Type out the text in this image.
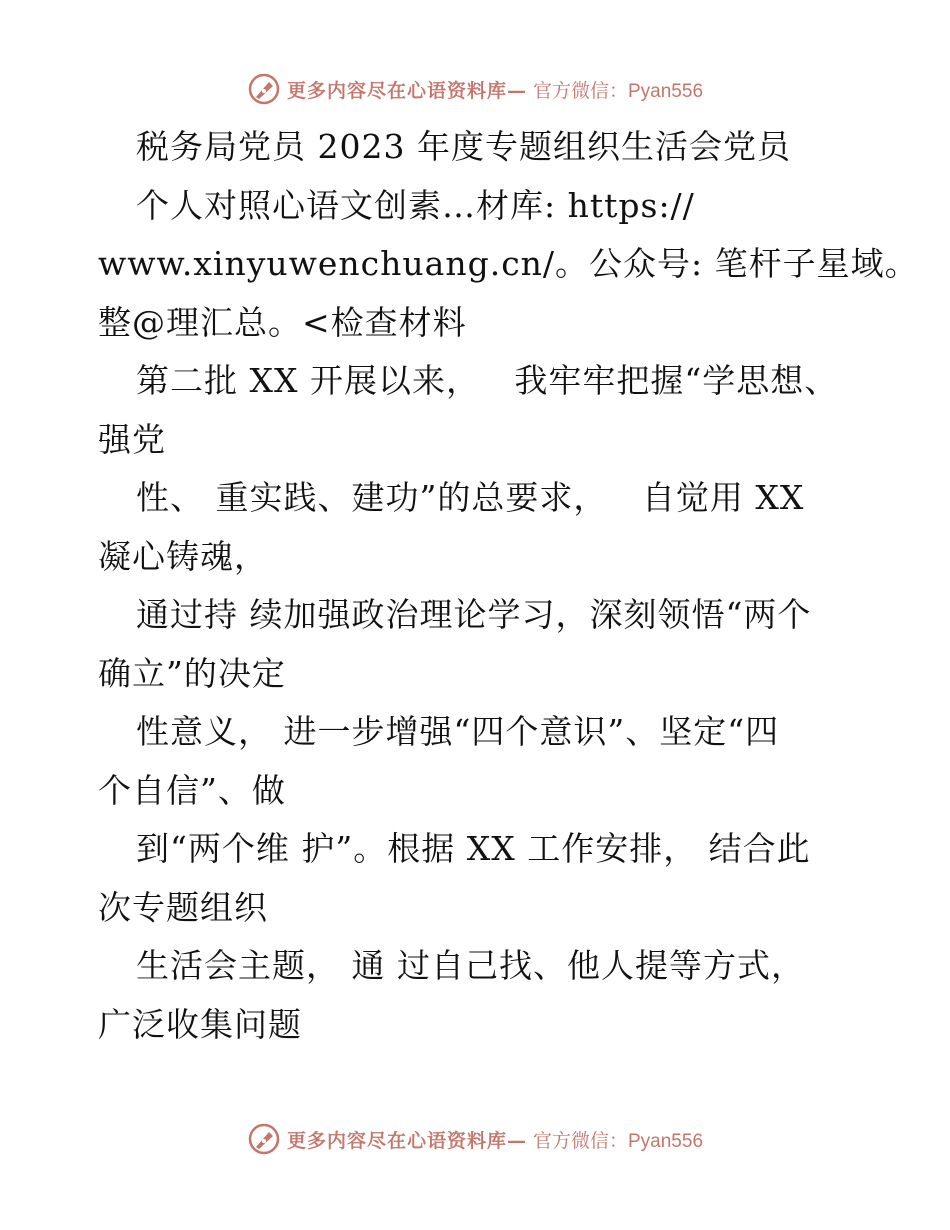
更多内容尽在心语资料库— 官方微信：Pyan556
税务局党员 2023 年度专题组织生活会党员
个人对照心语文创素…材库: https://
www.xinyuwenchuang.cn/。公众号: 笔杆子星域。
整@理汇总。<检查材料
第二批 XX 开展以来，   我牢牢把握“学思想、
强党
性、 重实践、建功”的总要求，   自觉用 XX
凝心铸魂，
通过持 续加强政治理论学习，深刻领悟“两个
确立”的决定
性意义， 进一步增强“四个意识”、坚定“四
个自信”、做
到“两个维 护”。根据 XX 工作安排， 结合此
次专题组织
生活会主题， 通 过自己找、他人提等方式，
广泛收集问题
更多内容尽在心语资料库— 官方微信：Pyan556
